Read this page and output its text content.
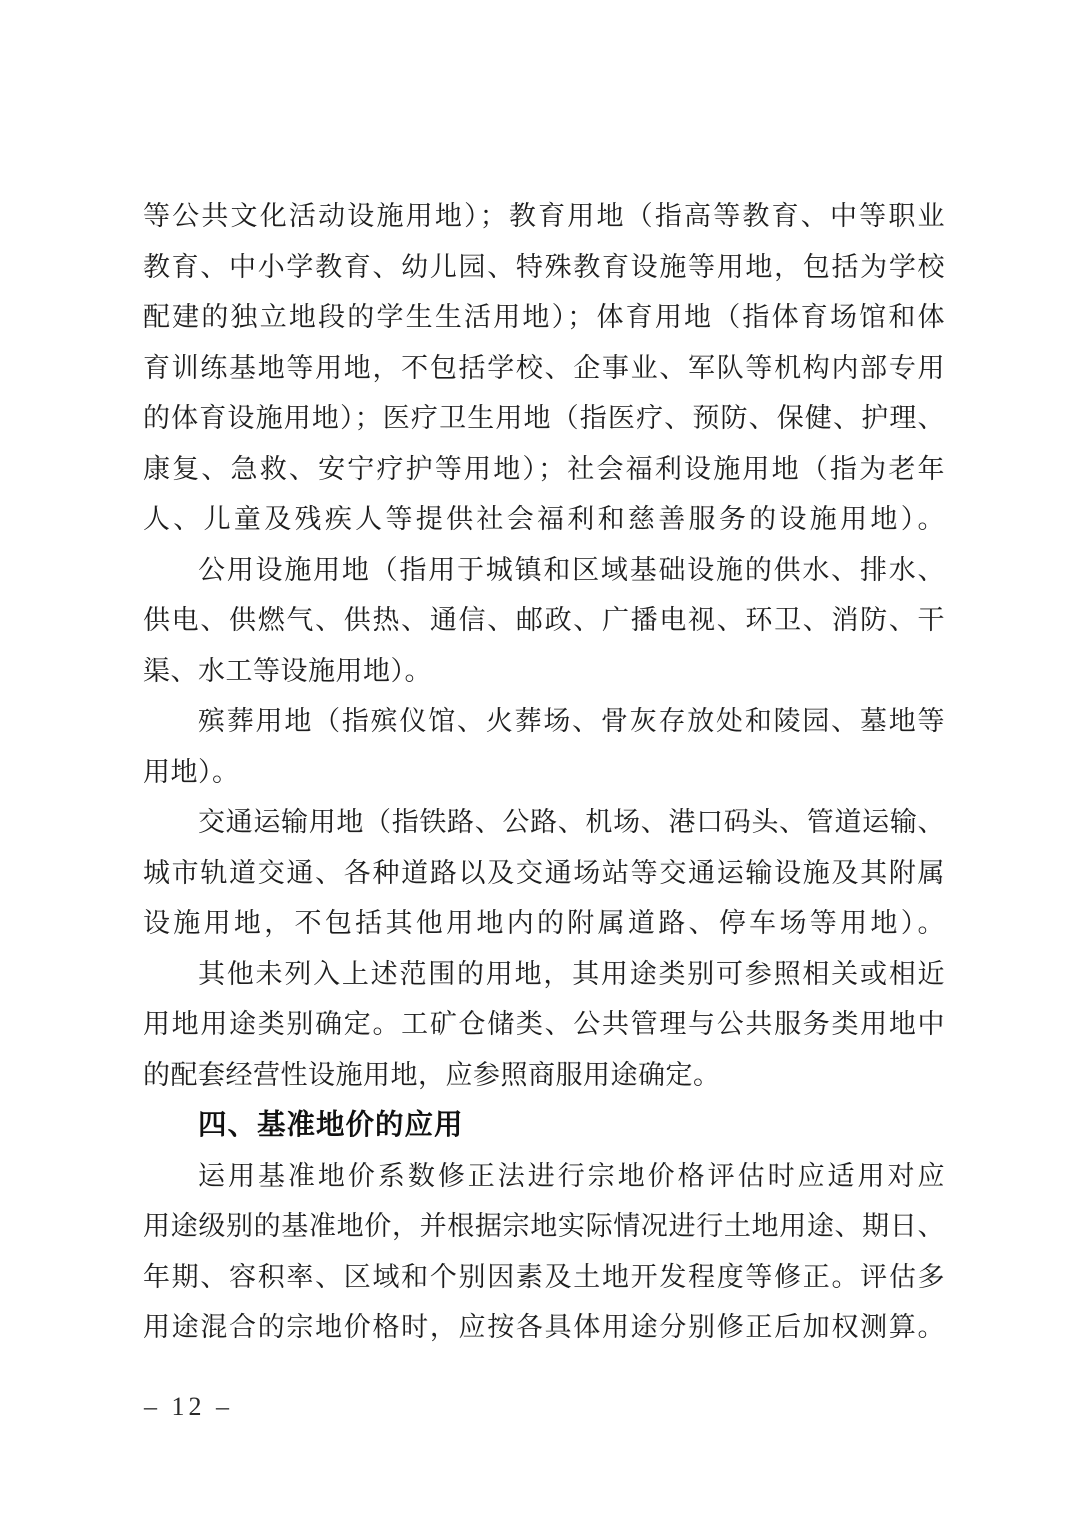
等公共文化活动设施用地）；教育用地（指高等教育、中等职业
教育、中小学教育、幼儿园、特殊教育设施等用地，包括为学校
配建的独立地段的学生生活用地）；体育用地（指体育场馆和体
育训练基地等用地，不包括学校、企事业、军队等机构内部专用
的体育设施用地）；医疗卫生用地（指医疗、预防、保健、护理、
康复、急救、安宁疗护等用地）；社会福利设施用地（指为老年
人、儿童及残疾人等提供社会福利和慈善服务的设施用地）。
公用设施用地（指用于城镇和区域基础设施的供水、排水、
供电、供燃气、供热、通信、邮政、广播电视、环卫、消防、干
渠、水工等设施用地）。
殡葬用地（指殡仪馆、火葬场、骨灰存放处和陵园、墓地等
用地）。
交通运输用地（指铁路、公路、机场、港口码头、管道运输、
城市轨道交通、各种道路以及交通场站等交通运输设施及其附属
设施用地，不包括其他用地内的附属道路、停车场等用地）。
其他未列入上述范围的用地，其用途类别可参照相关或相近
用地用途类别确定。工矿仓储类、公共管理与公共服务类用地中
的配套经营性设施用地，应参照商服用途确定。
四、基准地价的应用
运用基准地价系数修正法进行宗地价格评估时应适用对应
用途级别的基准地价，并根据宗地实际情况进行土地用途、期日、
年期、容积率、区域和个别因素及土地开发程度等修正。评估多
用途混合的宗地价格时，应按各具体用途分别修正后加权测算。
– 12 –
